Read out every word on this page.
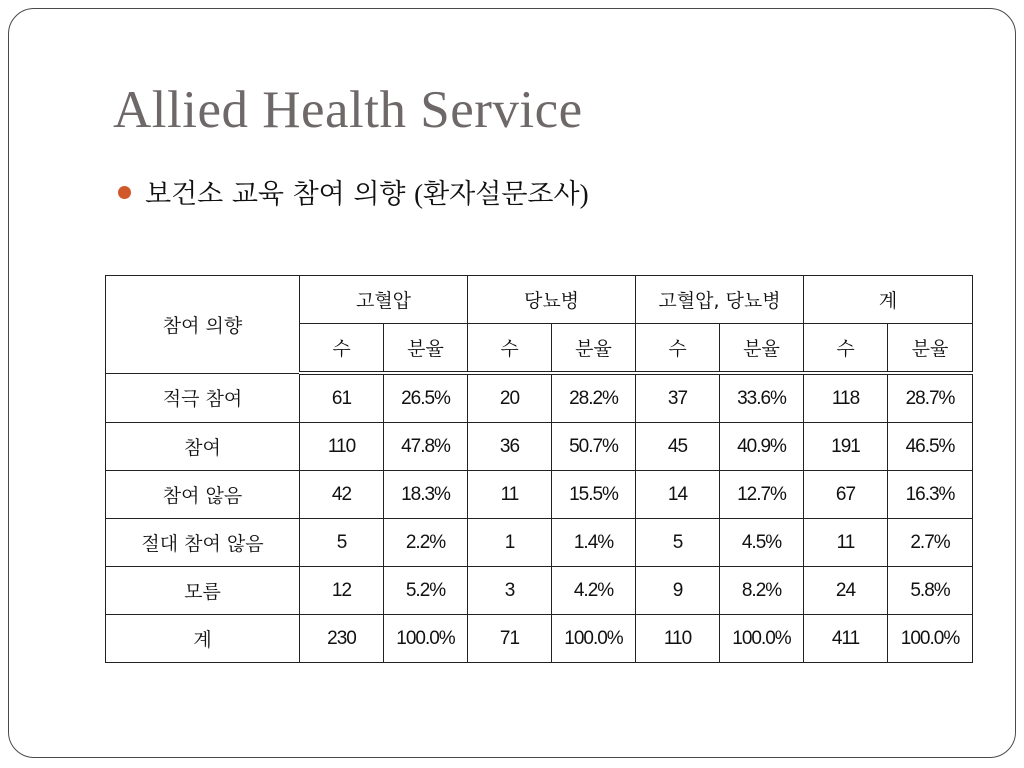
Allied Health Service
보건소 교육 참여 의향 (환자설문조사)
참여 의향	고혈압		당뇨병		고혈압, 당뇨병		계	
	수	분율	수	분율	수	분율	수	분율
적극 참여	61	26.5%	20	28.2%	37	33.6%	118	28.7%
참여	110	47.8%	36	50.7%	45	40.9%	191	46.5%
참여 않음	42	18.3%	11	15.5%	14	12.7%	67	16.3%
절대 참여 않음	5	2.2%	1	1.4%	5	4.5%	11	2.7%
모름	12	5.2%	3	4.2%	9	8.2%	24	5.8%
계	230	100.0%	71	100.0%	110	100.0%	411	100.0%
